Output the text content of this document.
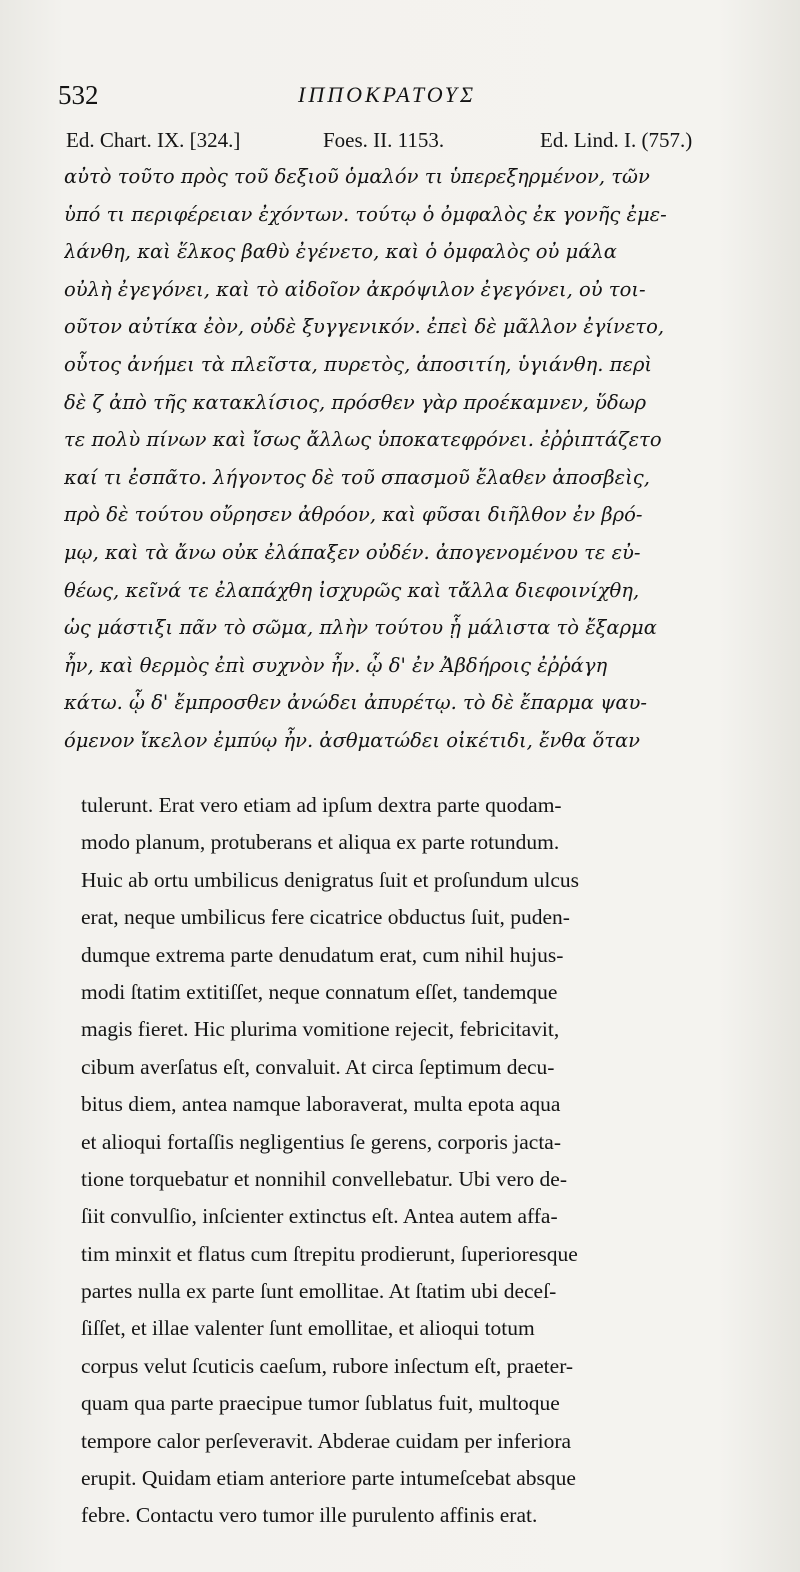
532	ΙΠΠΟΚΡΑΤΟΥΣ
Ed. Chart. IX. [324.]	Foes. II. 1153.	Ed. Lind. I. (757.)
αὐτὸ τοῦτο πρὸς τοῦ δεξιοῦ ὁμαλόν τι ὑπερεξηρμένον, τῶν
ὑπό τι περιφέρειαν ἐχόντων. τούτῳ ὁ ὀμφαλὸς ἐκ γονῆς ἐμε-
λάνθη, καὶ ἕλκος βαθὺ ἐγένετο, καὶ ὁ ὀμφαλὸς οὐ μάλα
οὐλὴ ἐγεγόνει, καὶ τὸ αἰδοῖον ἀκρόψιλον ἐγεγόνει, οὐ τοι-
οῦτον αὐτίκα ἐὸν, οὐδὲ ξυγγενικόν. ἐπεὶ δὲ μᾶλλον ἐγίνετο,
οὗτος ἀνήμει τὰ πλεῖστα, πυρετὸς, ἀποσιτίη, ὑγιάνθη. περὶ
δὲ ζ ἀπὸ τῆς κατακλίσιος, πρόσθεν γὰρ προέκαμνεν, ὕδωρ
τε πολὺ πίνων καὶ ἴσως ἄλλως ὑποκατεφρόνει. ἐῤῥιπτάζετο
καί τι ἐσπᾶτο. λήγοντος δὲ τοῦ σπασμοῦ ἔλαθεν ἀποσβεὶς,
πρὸ δὲ τούτου οὔρησεν ἀθρόον, καὶ φῦσαι διῆλθον ἐν βρό-
μῳ, καὶ τὰ ἄνω οὐκ ἐλάπαξεν οὐδέν. ἀπογενομένου τε εὐ-
θέως, κεῖνά τε ἐλαπάχθη ἰσχυρῶς καὶ τἄλλα διεφοινίχθη,
ὡς μάστιξι πᾶν τὸ σῶμα, πλὴν τούτου ᾗ μάλιστα τὸ ἔξαρμα
ἦν, καὶ θερμὸς ἐπὶ συχνὸν ἦν. ᾧ δ' ἐν Ἀβδήροις ἐῤῥάγη
κάτω. ᾧ δ' ἔμπροσθεν ἀνώδει ἀπυρέτῳ. τὸ δὲ ἔπαρμα ψαυ-
όμενον ἴκελον ἐμπύῳ ἦν. ἀσθματώδει οἰκέτιδι, ἔνθα ὅταν
tulerunt. Erat vero etiam ad ipſum dextra parte quodam-
modo planum, protuberans et aliqua ex parte rotundum.
Huic ab ortu umbilicus denigratus ſuit et proſundum ulcus
erat, neque umbilicus fere cicatrice obductus ſuit, puden-
dumque extrema parte denudatum erat, cum nihil hujus-
modi ſtatim extitiſſet, neque connatum eſſet, tandemque
magis fieret. Hic plurima vomitione rejecit, febricitavit,
cibum averſatus eſt, convaluit. At circa ſeptimum decu-
bitus diem, antea namque laboraverat, multa epota aqua
et alioqui fortaſſis negligentius ſe gerens, corporis jacta-
tione torquebatur et nonnihil convellebatur. Ubi vero de-
ſiit convulſio, inſcienter extinctus eſt. Antea autem affa-
tim minxit et flatus cum ſtrepitu prodierunt, ſuperioresque
partes nulla ex parte ſunt emollitae. At ſtatim ubi deceſ-
ſiſſet, et illae valenter ſunt emollitae, et alioqui totum
corpus velut ſcuticis caeſum, rubore inſectum eſt, praeter-
quam qua parte praecipue tumor ſublatus fuit, multoque
tempore calor perſeveravit. Abderae cuidam per inferiora
erupit. Quidam etiam anteriore parte intumeſcebat absque
febre. Contactu vero tumor ille purulento affinis erat.
